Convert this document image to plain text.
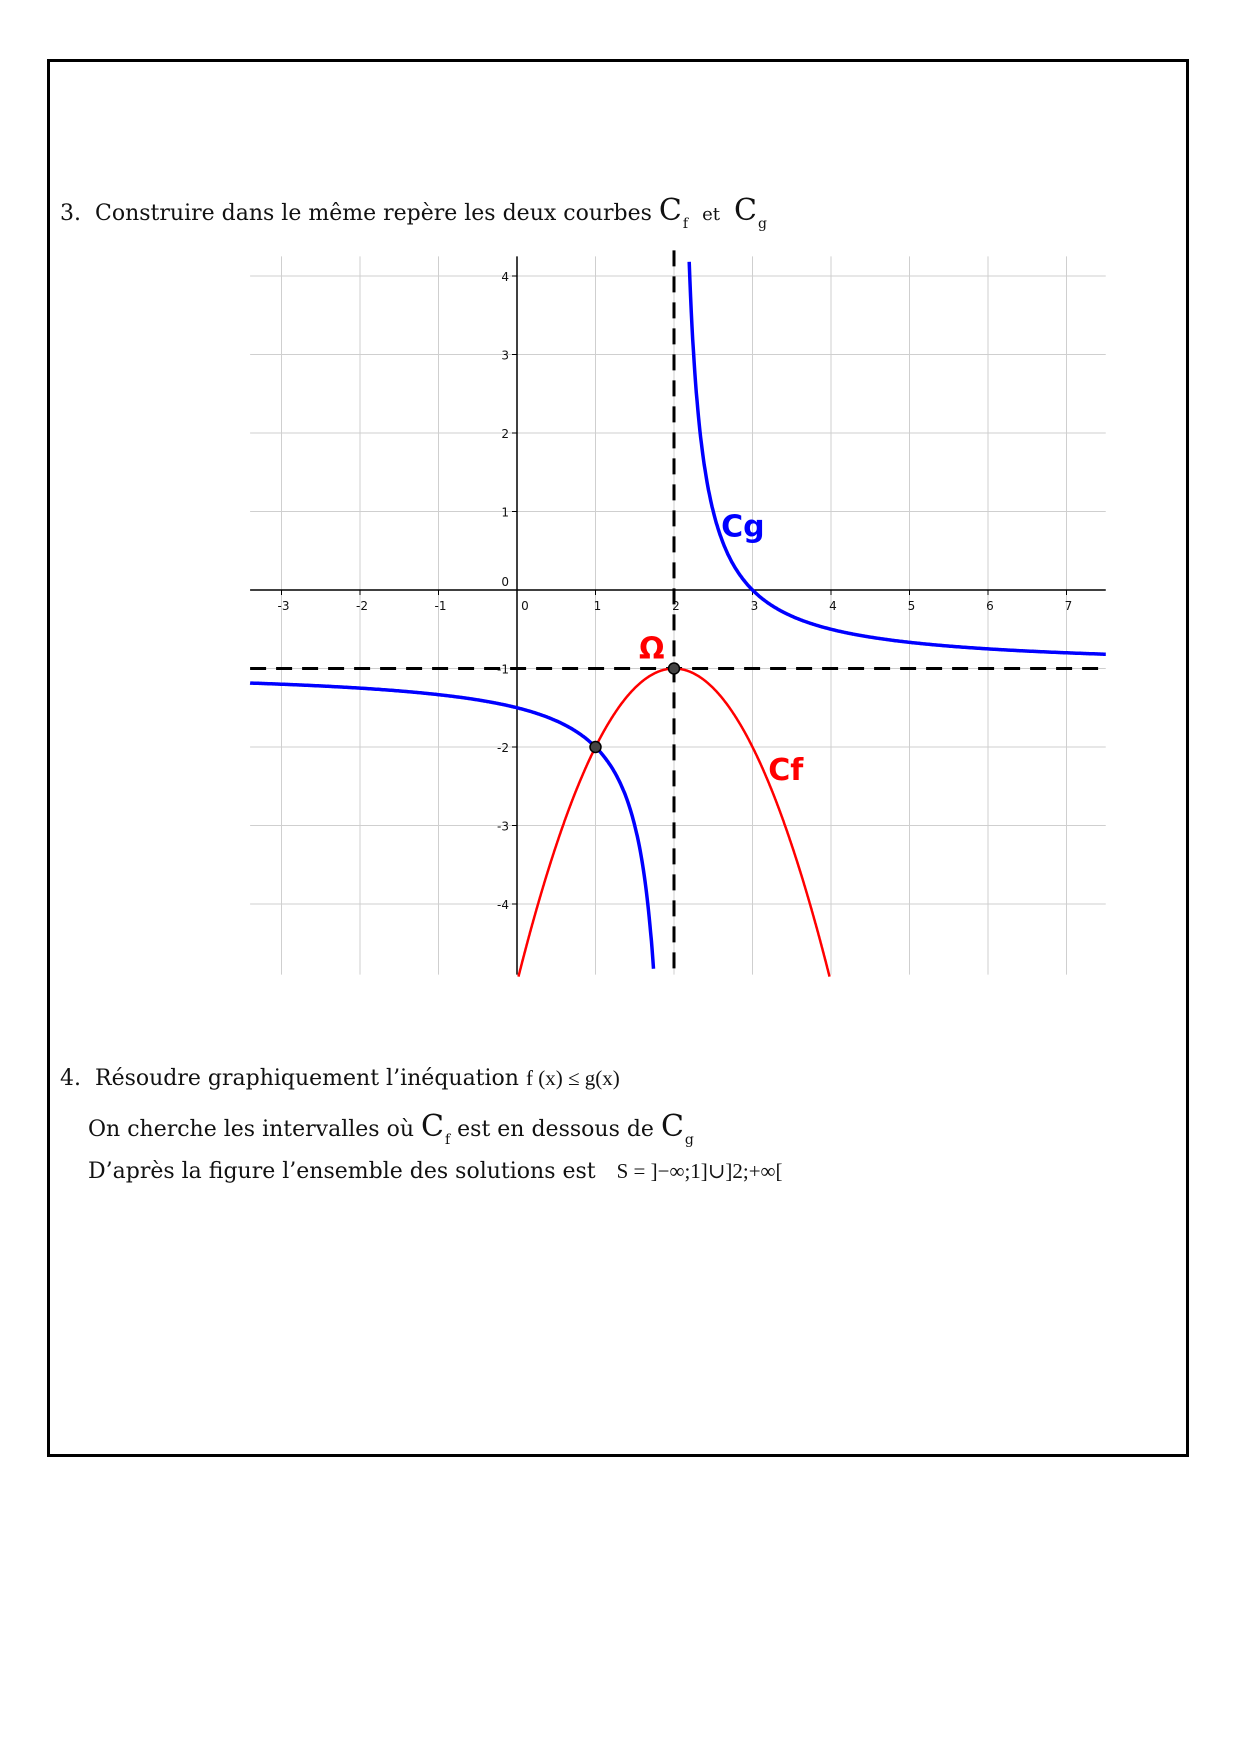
3. Construire dans le même repère les deux courbes $C_f$ et $C_g$
-3	-2	-1	0	1	2	3	4	5	6	7
4
3
2
1
0
-1
-2
-3
-4
Cg
Cf
Ω
4. Résoudre graphiquement l’inéquation f (x) ≤ g(x)
On cherche les intervalles où $C_f$ est en dessous de $C_g$
D’après la figure l’ensemble des solutions est S = ]−∞;1]∪]2;+∞[
